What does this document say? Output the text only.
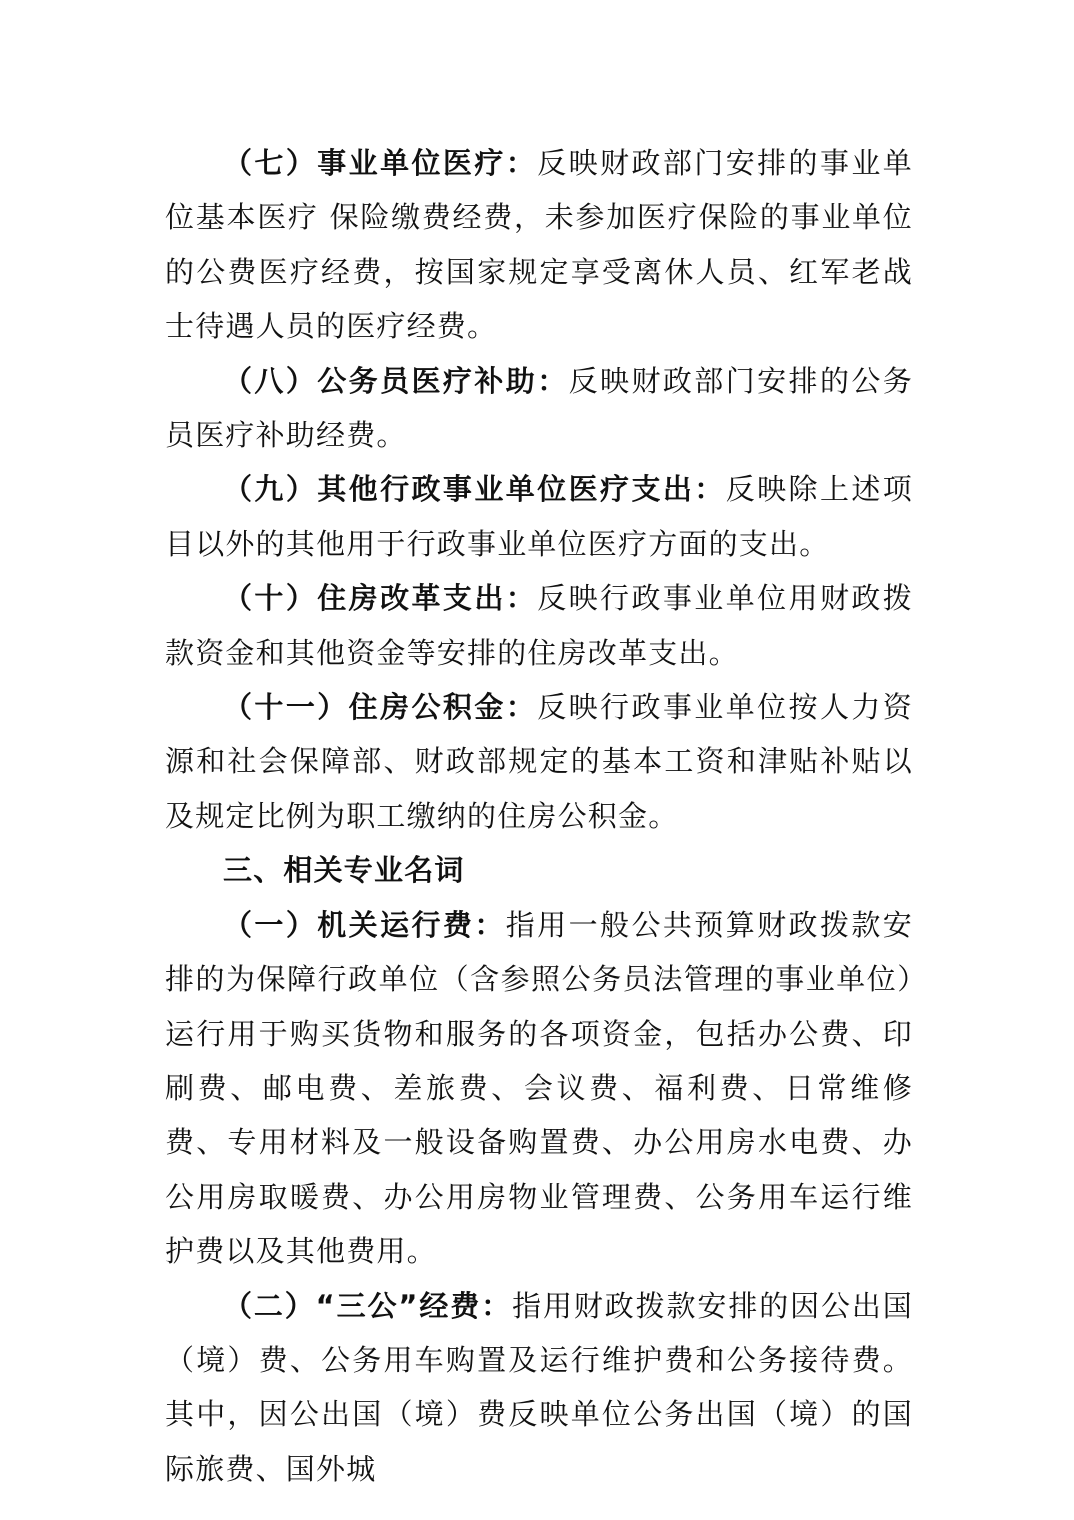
（七）事业单位医疗：反映财政部门安排的事业单位基本医疗 保险缴费经费，未参加医疗保险的事业单位的公费医疗经费，按国家规定享受离休人员、红军老战士待遇人员的医疗经费。

（八）公务员医疗补助：反映财政部门安排的公务员医疗补助经费。

（九）其他行政事业单位医疗支出：反映除上述项目以外的其他用于行政事业单位医疗方面的支出。

（十）住房改革支出：反映行政事业单位用财政拨款资金和其他资金等安排的住房改革支出。

（十一）住房公积金：反映行政事业单位按人力资源和社会保障部、财政部规定的基本工资和津贴补贴以及规定比例为职工缴纳的住房公积金。

三、相关专业名词

（一）机关运行费：指用一般公共预算财政拨款安排的为保障行政单位（含参照公务员法管理的事业单位）运行用于购买货物和服务的各项资金，包括办公费、印刷费、邮电费、差旅费、会议费、福利费、日常维修费、专用材料及一般设备购置费、办公用房水电费、办公用房取暖费、办公用房物业管理费、公务用车运行维护费以及其他费用。

（二）“三公”经费：指用财政拨款安排的因公出国（境）费、公务用车购置及运行维护费和公务接待费。其中，因公出国（境）费反映单位公务出国（境）的国际旅费、国外城
